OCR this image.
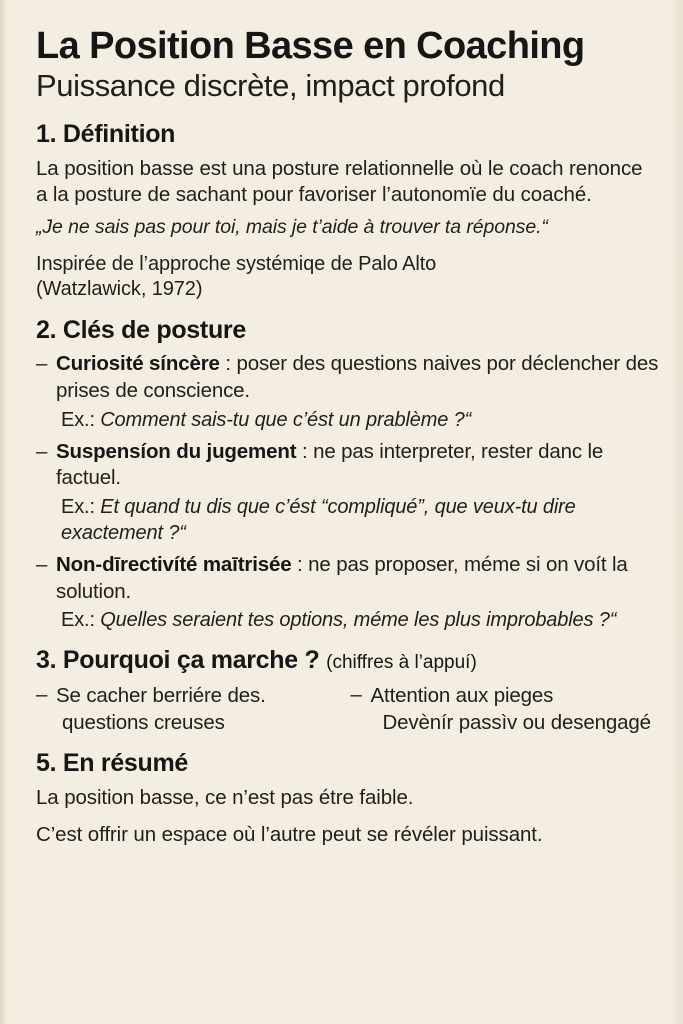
La Position Basse en Coaching
Puissance discrète, impact profond
1. Définition

La position basse est una posture relationnelle où le coach renonce a la posture de sachant pour favoriser l’autonomïe du coaché.

„Je ne sais pas pour toi, mais je t’aide à trouver ta réponse.“

Inspirée de l’approche systémiqe de Palo Alto

(Watzlawick, 1972)

2. Clés de posture
– Curiosité síncère : poser des questions naives por déclencher des prises de conscience.
Ex.: Comment sais-tu que c’ést un prablème ?“
– Suspensíon du jugement : ne pas interpreter, rester danc le factuel.
Ex.: Et quand tu dis que c’ést “compliqué”, que veux-tu dire exactement ?“
– Non-dīrectivíté maītrisée : ne pas proposer, méme si on voít la solution.
Ex.: Quelles seraient tes options, méme les plus improbables ?“
3. Pourquoi ça marche ? (chiffres à l’appuí)
– Se cacher berriére des.
questions creuses
– Attention aux pieges
Devènír passìv ou desengagé
5. En résumé

La position basse, ce n’est pas étre faible.

C’est offrir un espace où l’autre peut se révéler puissant.
